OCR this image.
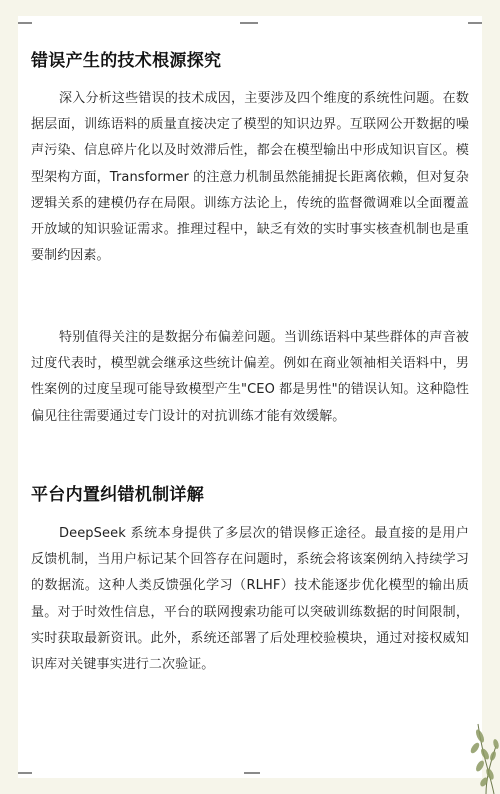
错误产生的技术根源探究

深入分析这些错误的技术成因，主要涉及四个维度的系统性问题。在数据层面，训练语料的质量直接决定了模型的知识边界。互联网公开数据的噪声污染、信息碎片化以及时效滞后性，都会在模型输出中形成知识盲区。模型架构方面，Transformer 的注意力机制虽然能捕捉长距离依赖，但对复杂逻辑关系的建模仍存在局限。训练方法论上，传统的监督微调难以全面覆盖开放域的知识验证需求。推理过程中，缺乏有效的实时事实核查机制也是重要制约因素。

特别值得关注的是数据分布偏差问题。当训练语料中某些群体的声音被过度代表时，模型就会继承这些统计偏差。例如在商业领袖相关语料中，男性案例的过度呈现可能导致模型产生"CEO 都是男性"的错误认知。这种隐性偏见往往需要通过专门设计的对抗训练才能有效缓解。

平台内置纠错机制详解

DeepSeek 系统本身提供了多层次的错误修正途径。最直接的是用户反馈机制，当用户标记某个回答存在问题时，系统会将该案例纳入持续学习的数据流。这种人类反馈强化学习（RLHF）技术能逐步优化模型的输出质量。对于时效性信息，平台的联网搜索功能可以突破训练数据的时间限制，实时获取最新资讯。此外，系统还部署了后处理校验模块，通过对接权威知识库对关键事实进行二次验证。
